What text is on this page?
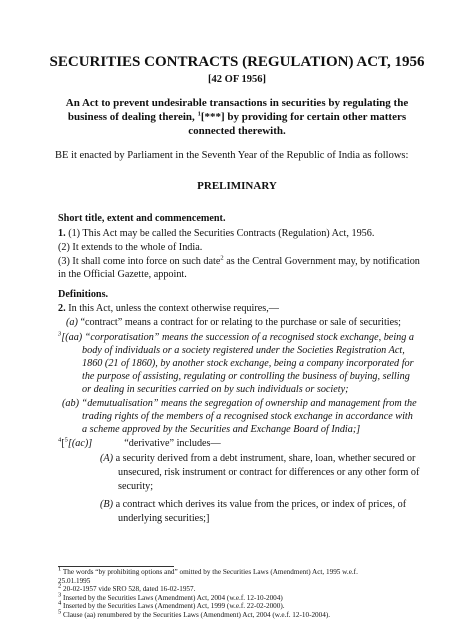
SECURITIES CONTRACTS (REGULATION) ACT, 1956
[42 OF 1956]
An Act to prevent undesirable transactions in securities by regulating the business of dealing therein, $^1$[***] by providing for certain other matters connected therewith.
BE it enacted by Parliament in the Seventh Year of the Republic of India as follows:
PRELIMINARY
Short title, extent and commencement.
1. (1) This Act may be called the Securities Contracts (Regulation) Act, 1956.
(2) It extends to the whole of India.
(3) It shall come into force on such date$^2$ as the Central Government may, by notification
in the Official Gazette, appoint.
Definitions.
2. In this Act, unless the context otherwise requires,—
(a) “contract” means a contract for or relating to the purchase or sale of securities;
$^3$[(aa) “corporatisation” means the succession of a recognised stock exchange, being a
body of individuals or a society registered under the Societies Registration Act,
1860 (21 of 1860), by another stock exchange, being a company incorporated for
the purpose of assisting, regulating or controlling the business of buying, selling
or dealing in securities carried on by such individuals or society;
(ab) “demutualisation” means the segregation of ownership and management from the
trading rights of the members of a recognised stock exchange in accordance with
a scheme approved by the Securities and Exchange Board of India;]
$^4$[$^5$[(ac)]	“derivative” includes—
(A) a security derived from a debt instrument, share, loan, whether secured or
unsecured, risk instrument or contract for differences or any other form of
security;
(B) a contract which derives its value from the prices, or index of prices, of
underlying securities;]
$^1$ The words “by prohibiting options and” omitted by the Securities Laws (Amendment) Act, 1995 w.e.f.
25.01.1995
$^2$ 20-02-1957 vide SRO 528, dated 16-02-1957.
$^3$ Inserted by the Securities Laws (Amendment) Act, 2004 (w.e.f. 12-10-2004)
$^4$ Inserted by the Securities Laws (Amendment) Act, 1999 (w.e.f. 22-02-2000).
$^5$ Clause (aa) renumbered by the Securities Laws (Amendment) Act, 2004 (w.e.f. 12-10-2004).
